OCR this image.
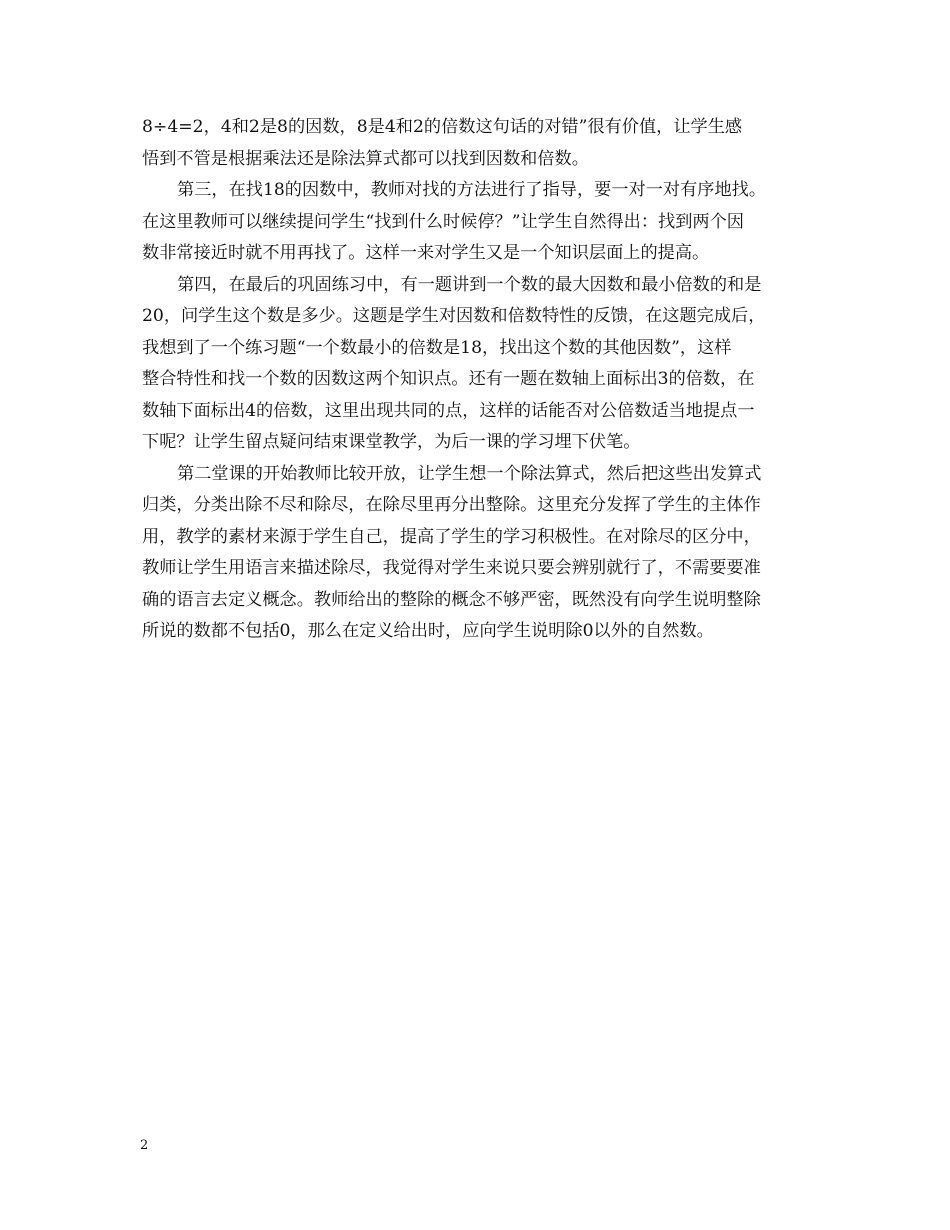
8÷4=2，4和2是8的因数，8是4和2的倍数这句话的对错”很有价值，让学生感
悟到不管是根据乘法还是除法算式都可以找到因数和倍数。
第三，在找18的因数中，教师对找的方法进行了指导，要一对一对有序地找。
在这里教师可以继续提问学生“找到什么时候停？”让学生自然得出：找到两个因
数非常接近时就不用再找了。这样一来对学生又是一个知识层面上的提高。
第四，在最后的巩固练习中，有一题讲到一个数的最大因数和最小倍数的和是
20，问学生这个数是多少。这题是学生对因数和倍数特性的反馈，在这题完成后，
我想到了一个练习题“一个数最小的倍数是18，找出这个数的其他因数”，这样
整合特性和找一个数的因数这两个知识点。还有一题在数轴上面标出3的倍数，在
数轴下面标出4的倍数，这里出现共同的点，这样的话能否对公倍数适当地提点一
下呢？让学生留点疑问结束课堂教学，为后一课的学习埋下伏笔。
第二堂课的开始教师比较开放，让学生想一个除法算式，然后把这些出发算式
归类，分类出除不尽和除尽，在除尽里再分出整除。这里充分发挥了学生的主体作
用，教学的素材来源于学生自己，提高了学生的学习积极性。在对除尽的区分中，
教师让学生用语言来描述除尽，我觉得对学生来说只要会辨别就行了，不需要要准
确的语言去定义概念。教师给出的整除的概念不够严密，既然没有向学生说明整除
所说的数都不包括0，那么在定义给出时，应向学生说明除0以外的自然数。
2
